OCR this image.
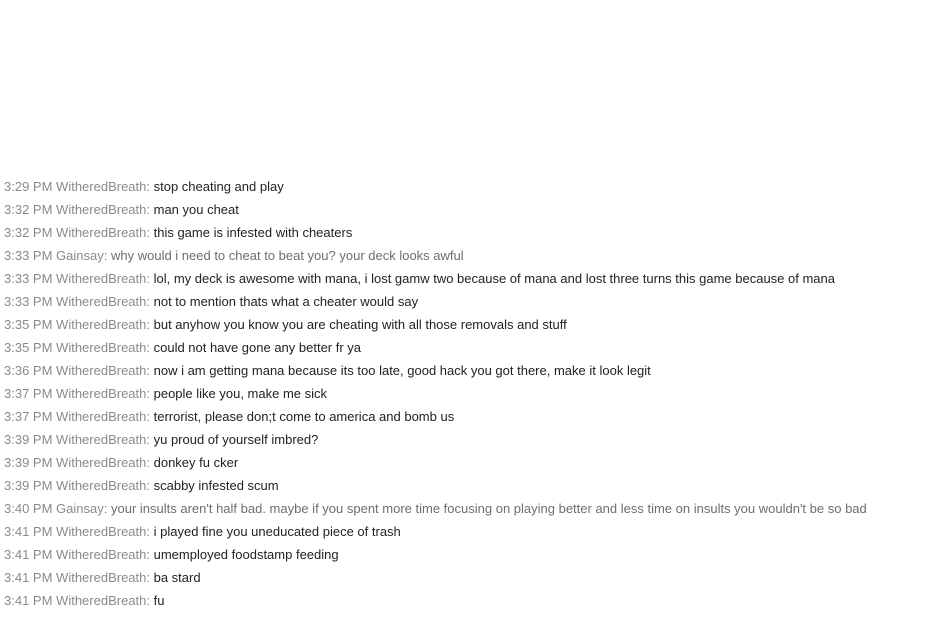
3:29 PM WitheredBreath: stop cheating and play
3:32 PM WitheredBreath: man you cheat
3:32 PM WitheredBreath: this game is infested with cheaters
3:33 PM Gainsay: why would i need to cheat to beat you? your deck looks awful
3:33 PM WitheredBreath: lol, my deck is awesome with mana, i lost gamw two because of mana and lost three turns this game because of mana
3:33 PM WitheredBreath: not to mention thats what a cheater would say
3:35 PM WitheredBreath: but anyhow you know you are cheating with all those removals and stuff
3:35 PM WitheredBreath: could not have gone any better fr ya
3:36 PM WitheredBreath: now i am getting mana because its too late, good hack you got there, make it look legit
3:37 PM WitheredBreath: people like you, make me sick
3:37 PM WitheredBreath: terrorist, please don;t come to america and bomb us
3:39 PM WitheredBreath: yu proud of yourself imbred?
3:39 PM WitheredBreath: donkey fu cker
3:39 PM WitheredBreath: scabby infested scum
3:40 PM Gainsay: your insults aren't half bad. maybe if you spent more time focusing on playing better and less time on insults you wouldn't be so bad
3:41 PM WitheredBreath: i played fine you uneducated piece of trash
3:41 PM WitheredBreath: umemployed foodstamp feeding
3:41 PM WitheredBreath: ba stard
3:41 PM WitheredBreath: fu
